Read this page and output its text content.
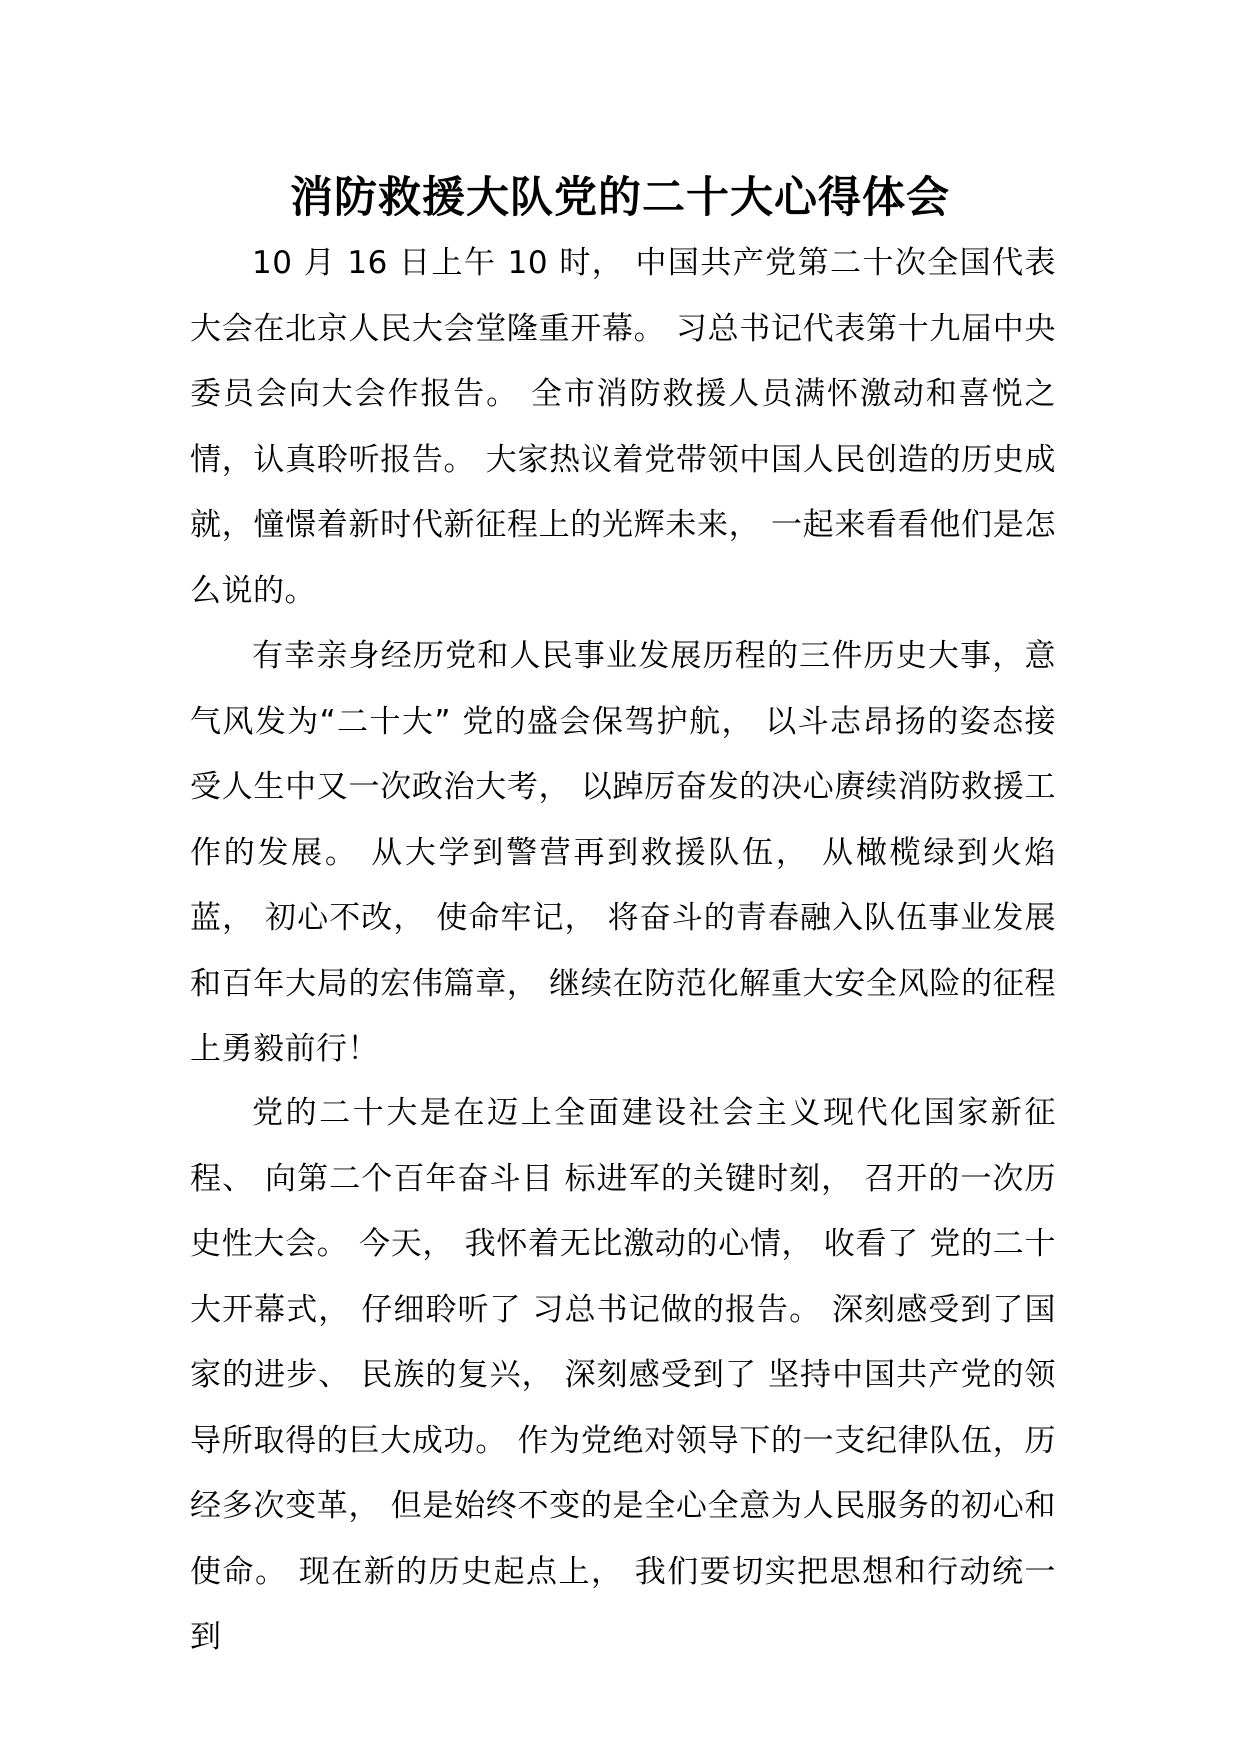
消防救援大队党的二十大心得体会

10 月 16 日上午 10 时， 中国共产党第二十次全国代表大会在北京人民大会堂隆重开幕。 习总书记代表第十九届中央委员会向大会作报告。 全市消防救援人员满怀激动和喜悦之情，认真聆听报告。 大家热议着党带领中国人民创造的历史成就，憧憬着新时代新征程上的光辉未来， 一起来看看他们是怎么说的。

有幸亲身经历党和人民事业发展历程的三件历史大事，意气风发为“二十大” 党的盛会保驾护航， 以斗志昂扬的姿态接受人生中又一次政治大考， 以踔厉奋发的决心赓续消防救援工作的发展。 从大学到警营再到救援队伍， 从橄榄绿到火焰蓝， 初心不改， 使命牢记， 将奋斗的青春融入队伍事业发展和百年大局的宏伟篇章， 继续在防范化解重大安全风险的征程上勇毅前行！

党的二十大是在迈上全面建设社会主义现代化国家新征程、 向第二个百年奋斗目 标进军的关键时刻， 召开的一次历史性大会。 今天， 我怀着无比激动的心情， 收看了 党的二十大开幕式， 仔细聆听了 习总书记做的报告。 深刻感受到了国家的进步、 民族的复兴， 深刻感受到了 坚持中国共产党的领导所取得的巨大成功。 作为党绝对领导下的一支纪律队伍，历经多次变革， 但是始终不变的是全心全意为人民服务的初心和使命。 现在新的历史起点上， 我们要切实把思想和行动统一到
